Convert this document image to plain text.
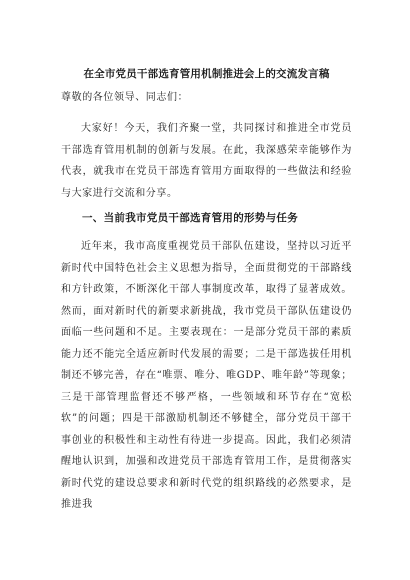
在全市党员干部选育管用机制推进会上的交流发言稿
尊敬的各位领导、同志们：

大家好！今天，我们齐聚一堂，共同探讨和推进全市党员干部选育管用机制的创新与发展。在此，我深感荣幸能够作为代表，就我市在党员干部选育管用方面取得的一些做法和经验与大家进行交流和分享。

一、当前我市党员干部选育管用的形势与任务

近年来，我市高度重视党员干部队伍建设，坚持以习近平新时代中国特色社会主义思想为指导，全面贯彻党的干部路线和方针政策，不断深化干部人事制度改革，取得了显著成效。然而，面对新时代的新要求新挑战，我市党员干部队伍建设仍面临一些问题和不足。主要表现在：一是部分党员干部的素质能力还不能完全适应新时代发展的需要；二是干部选拔任用机制还不够完善，存在“唯票、唯分、唯GDP、唯年龄”等现象；三是干部管理监督还不够严格，一些领域和环节存在“宽松软”的问题；四是干部激励机制还不够健全，部分党员干部干事创业的积极性和主动性有待进一步提高。因此，我们必须清醒地认识到，加强和改进党员干部选育管用工作，是贯彻落实新时代党的建设总要求和新时代党的组织路线的必然要求，是推进我
